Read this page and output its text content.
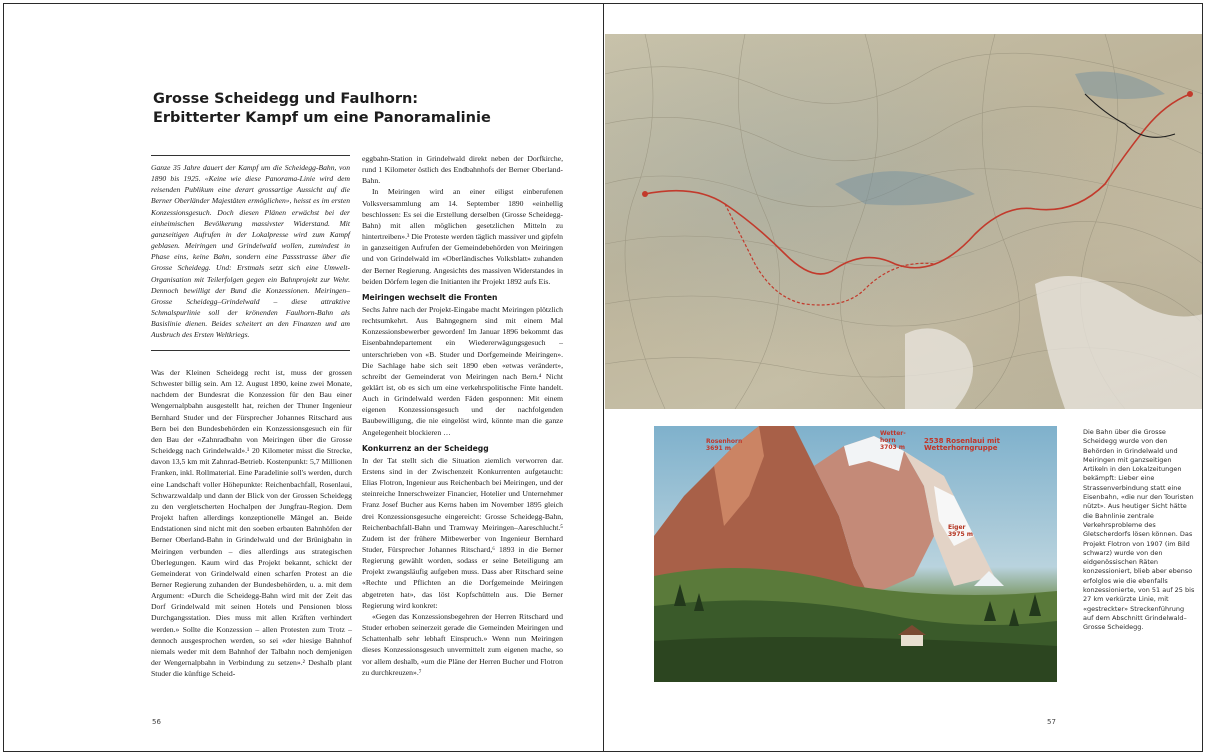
Grosse Scheidegg und Faulhorn:
Erbitterter Kampf um eine Panoramalinie

Ganze 35 Jahre dauert der Kampf um die Scheidegg-Bahn, von 1890 bis 1925. «Keine wie diese Panorama-Linie wird dem reisenden Publikum eine derart grossartige Aussicht auf die Berner Oberländer Majestäten ermöglichen», heisst es im ersten Konzessionsgesuch. Doch diesen Plänen erwächst bei der einheimischen Bevölkerung massivster Widerstand. Mit ganzseitigen Aufrufen in der Lokalpresse wird zum Kampf geblasen. Meiringen und Grindelwald wollen, zumindest in Phase eins, keine Bahn, sondern eine Passstrasse über die Grosse Scheidegg. Und: Erstmals setzt sich eine Umwelt-Organisation mit Teilerfolgen gegen ein Bahnprojekt zur Wehr. Dennoch bewilligt der Bund die Konzessionen. Meiringen–Grosse Scheidegg–Grindelwald – diese attraktive Schmalspurlinie soll der krönenden Faulhorn-Bahn als Basislinie dienen. Beides scheitert an den Finanzen und am Ausbruch des Ersten Weltkriegs.

Was der Kleinen Scheidegg recht ist, muss der grossen Schwester billig sein. Am 12. August 1890, keine zwei Monate, nachdem der Bundesrat die Konzession für den Bau einer Wengernalpbahn ausgestellt hat, reichen der Thuner Ingenieur Bernhard Studer und der Fürsprecher Johannes Ritschard aus Bern bei den Bundesbehörden ein Konzessionsgesuch ein für den Bau der «Zahnradbahn von Meiringen über die Grosse Scheidegg nach Grindelwald».¹ 20 Kilometer misst die Strecke, davon 13,5 km mit Zahnrad-Betrieb. Kostenpunkt: 5,7 Millionen Franken, inkl. Rollmaterial. Eine Paradelinie soll's werden, durch eine Landschaft voller Höhepunkte: Reichenbachfall, Rosenlaui, Schwarzwaldalp und dann der Blick von der Grossen Scheidegg zu den vergletscherten Hochalpen der Jungfrau-Region. Dem Projekt haften allerdings konzeptionelle Mängel an. Beide Endstationen sind nicht mit den soeben erbauten Bahnhöfen der Berner Oberland-Bahn in Grindelwald und der Brünigbahn in Meiringen verbunden – dies allerdings aus strategischen Überlegungen. Kaum wird das Projekt bekannt, schickt der Gemeinderat von Grindelwald einen scharfen Protest an die Berner Regierung zuhanden der Bundesbehörden, u. a. mit dem Argument: «Durch die Scheidegg-Bahn wird mit der Zeit das Dorf Grindelwald mit seinen Hotels und Pensionen bloss Durchgangsstation. Dies muss mit allen Kräften verhindert werden.» Sollte die Konzession – allen Protesten zum Trotz – dennoch ausgesprochen werden, so sei «der hiesige Bahnhof niemals weder mit dem Bahnhof der Talbahn noch demjenigen der Wengernalpbahn in Verbindung zu setzen».² Deshalb plant Studer die künftige Scheid-

eggbahn-Station in Grindelwald direkt neben der Dorfkirche, rund 1 Kilometer östlich des Endbahnhofs der Berner Oberland-Bahn.

In Meiringen wird an einer eiligst einberufenen Volksversammlung am 14. September 1890 «einhellig beschlossen: Es sei die Erstellung derselben (Grosse Scheidegg-Bahn) mit allen möglichen gesetzlichen Mitteln zu hintertreiben».³ Die Proteste werden täglich massiver und gipfeln in ganzseitigen Aufrufen der Gemeindebehörden von Meiringen und von Grindelwald im «Oberländisches Volksblatt» zuhanden der Berner Regierung. Angesichts des massiven Widerstandes in beiden Dörfern legen die Initianten ihr Projekt 1892 aufs Eis.

Meiringen wechselt die Fronten

Sechs Jahre nach der Projekt-Eingabe macht Meiringen plötzlich rechtsumkehrt. Aus Bahngegnern sind mit einem Mal Konzessionsbewerber geworden! Im Januar 1896 bekommt das Eisenbahndepartement ein Wiedererwägungsgesuch – unterschrieben von «B. Studer und Dorfgemeinde Meiringen». Die Sachlage habe sich seit 1890 eben «etwas verändert», schreibt der Gemeinderat von Meiringen nach Bern.⁴ Nicht geklärt ist, ob es sich um eine verkehrspolitische Finte handelt. Auch in Grindelwald werden Fäden gesponnen: Mit einem eigenen Konzessionsgesuch und der nachfolgenden Baubewilligung, die nie eingelöst wird, könnte man die ganze Angelegenheit blockieren …

Konkurrenz an der Scheidegg

In der Tat stellt sich die Situation ziemlich verworren dar. Erstens sind in der Zwischenzeit Konkurrenten aufgetaucht: Elias Flotron, Ingenieur aus Reichenbach bei Meiringen, und der steinreiche Innerschweizer Financier, Hotelier und Unternehmer Franz Josef Bucher aus Kerns haben im November 1895 gleich drei Konzessionsgesuche eingereicht: Grosse Scheidegg-Bahn, Reichenbachfall-Bahn und Tramway Meiringen–Aareschlucht.⁵ Zudem ist der frühere Mitbewerber von Ingenieur Bernhard Studer, Fürsprecher Johannes Ritschard,⁶ 1893 in die Berner Regierung gewählt worden, sodass er seine Beteiligung am Projekt zwangsläufig aufgeben muss. Dass aber Ritschard seine «Rechte und Pflichten an die Dorfgemeinde Meiringen abgetreten hat», das löst Kopfschütteln aus. Die Berner Regierung wird konkret:

«Gegen das Konzessionsbegehren der Herren Ritschard und Studer erhoben seinerzeit gerade die Gemeinden Meiringen und Schattenhalb sehr lebhaft Einspruch.» Wenn nun Meiringen dieses Konzessionsgesuch unvermittelt zum eigenen mache, so vor allem deshalb, «um die Pläne der Herren Bucher und Flotron zu durchkreuzen».⁷

56
Rosenhorn
3691 m
Wetter-
horn
3703 m
2538 Rosenlaui mit Wetterhorngruppe
Eiger
3975 m

Die Bahn über die Grosse Scheidegg wurde von den Behörden in Grindelwald und Meiringen mit ganzseitigen Artikeln in den Lokalzeitungen bekämpft: Lieber eine Strassenverbindung statt eine Eisenbahn, «die nur den Touristen nützt». Aus heutiger Sicht hätte die Bahnlinie zentrale Verkehrsprobleme des Gletscherdorfs lösen können. Das Projekt Flotron von 1907 (im Bild schwarz) wurde von den eidgenössischen Räten konzessioniert, blieb aber ebenso erfolglos wie die ebenfalls konzessionierte, von 51 auf 25 bis 27 km verkürzte Linie, mit «gestreckter» Streckenführung auf dem Abschnitt Grindelwald–Grosse Scheidegg.

57
